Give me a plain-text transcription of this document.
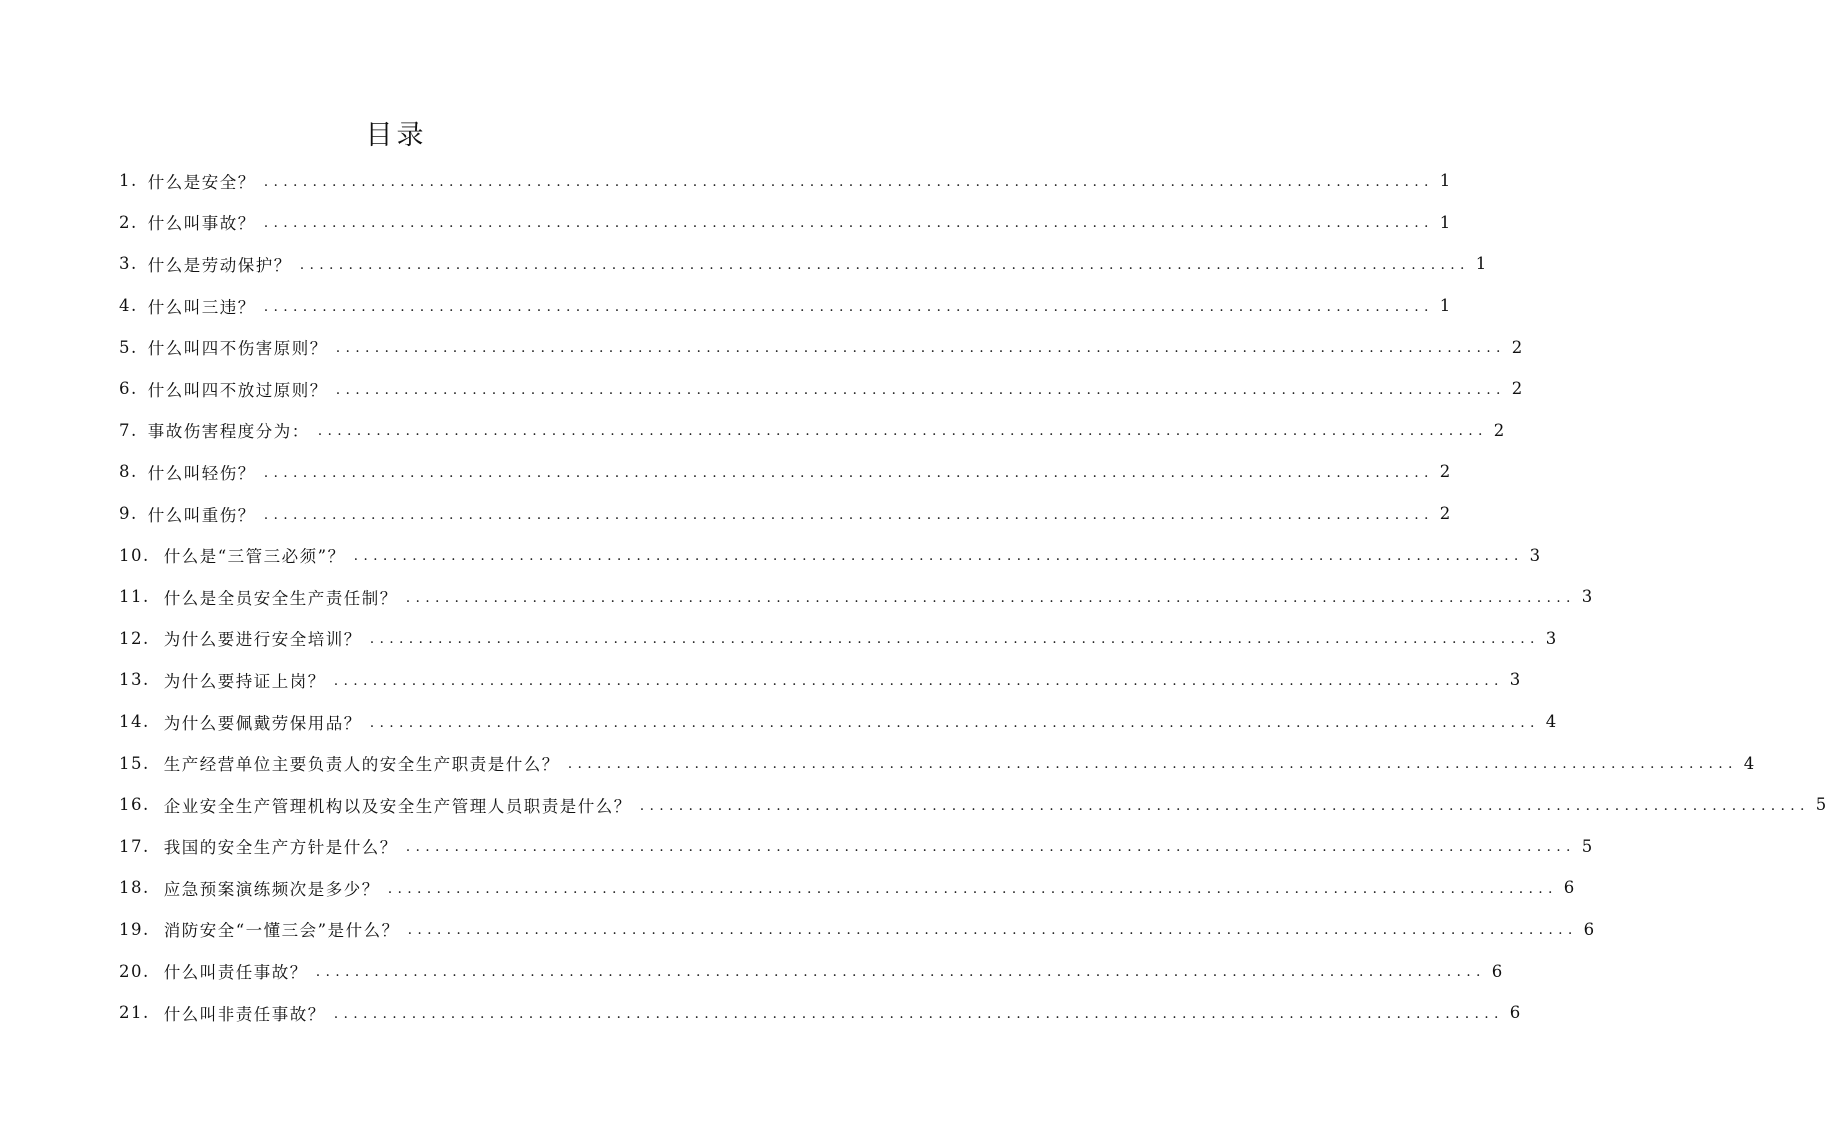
目录
1. 什么是安全？ ........................................................................................................................ 1
2. 什么叫事故？ ........................................................................................................................ 1
3. 什么是劳动保护？ ........................................................................................................................ 1
4. 什么叫三违？ ........................................................................................................................ 1
5. 什么叫四不伤害原则？ ........................................................................................................................ 2
6. 什么叫四不放过原则？ ........................................................................................................................ 2
7. 事故伤害程度分为： ........................................................................................................................ 2
8. 什么叫轻伤？ ........................................................................................................................ 2
9. 什么叫重伤？ ........................................................................................................................ 2
10. 什么是“三管三必须”？ ........................................................................................................................ 3
11. 什么是全员安全生产责任制？ ........................................................................................................................ 3
12. 为什么要进行安全培训？ ........................................................................................................................ 3
13. 为什么要持证上岗？ ........................................................................................................................ 3
14. 为什么要佩戴劳保用品？ ........................................................................................................................ 4
15. 生产经营单位主要负责人的安全生产职责是什么？ ........................................................................................................................ 4
16. 企业安全生产管理机构以及安全生产管理人员职责是什么？ ........................................................................................................................ 5
17. 我国的安全生产方针是什么？ ........................................................................................................................ 5
18. 应急预案演练频次是多少？ ........................................................................................................................ 6
19. 消防安全“一懂三会”是什么？ ........................................................................................................................ 6
20. 什么叫责任事故？ ........................................................................................................................ 6
21. 什么叫非责任事故？ ........................................................................................................................ 6
